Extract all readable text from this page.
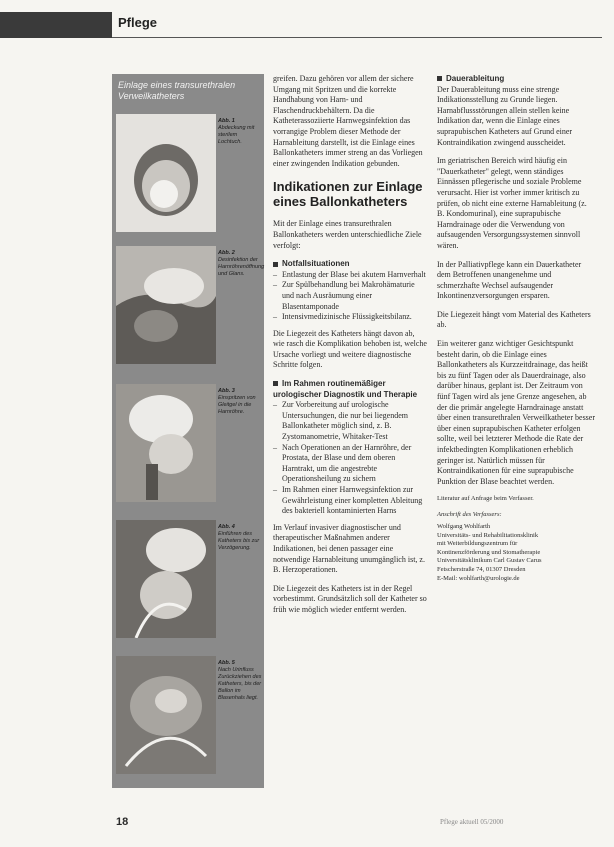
Pflege
Einlage eines transurethralen Verweilkatheters
Abb. 1
Abdeckung mit sterilem Lochtuch.
Abb. 2
Desinfektion der Harnröhrenöffnung und Glans.
Abb. 3
Einspritzen von Gleitgel in die Harnröhre.
Abb. 4
Einführen des Katheters bis zur Verzögerung.
Abb. 5
Nach Urinfluss Zurückziehen des Katheters, bis der Ballon im Blasenhals liegt.

greifen. Dazu gehören vor allem der sichere Umgang mit Spritzen und die korrekte Handhabung von Harn- und Flaschendruckbehältern. Da die Katheterassoziierte Harnwegsinfektion das vorrangige Problem dieser Methode der Harnableitung darstellt, ist die Einlage eines Ballonkatheters immer streng an das Vorliegen einer zwingenden Indikation gebunden.

Indikationen zur Einlage eines Ballonkatheters

Mit der Einlage eines transurethralen Ballonkatheters werden unterschiedliche Ziele verfolgt:

Notfallsituationen

– Entlastung der Blase bei akutem Harnverhalt
– Zur Spülbehandlung bei Makrohämaturie und nach Ausräumung einer Blasentamponade
– Intensivmedizinische Flüssigkeitsbilanz.

Die Liegezeit des Katheters hängt davon ab, wie rasch die Komplikation behoben ist, welche Ursache vorliegt und weitere diagnostische Schritte folgen.

Im Rahmen routinemäßiger urologischer Diagnostik und Therapie

– Zur Vorbereitung auf urologische Untersuchungen, die nur bei liegendem Ballonkatheter möglich sind, z. B. Zystomanometrie, Whitaker-Test
– Nach Operationen an der Harnröhre, der Prostata, der Blase und dem oberen Harntrakt, um die angestrebte Operationsheilung zu sichern
– Im Rahmen einer Harnwegsinfektion zur Gewährleistung einer kompletten Ableitung des bakteriell kontaminierten Harns

Im Verlauf invasiver diagnostischer und therapeutischer Maßnahmen anderer Indikationen, bei denen passager eine notwendige Harnableitung unumgänglich ist, z. B. Herzoperationen.

Die Liegezeit des Katheters ist in der Regel vorbestimmt. Grundsätzlich soll der Katheter so früh wie möglich wieder entfernt werden.

Dauerableitung

Der Dauerableitung muss eine strenge Indikationsstellung zu Grunde liegen. Harnabflussstörungen allein stellen keine Indikation dar, wenn die Einlage eines suprapubischen Katheters auf Grund einer Kontraindikation zwingend ausscheidet.

Im geriatrischen Bereich wird häufig ein "Dauerkatheter" gelegt, wenn ständiges Einnässen pflegerische und soziale Probleme verursacht. Hier ist vorher immer kritisch zu prüfen, ob nicht eine externe Harnableitung (z. B. Kondomurinal), eine suprapubische Harndrainage oder die Verwendung von aufsaugenden Versorgungssystemen sinnvoll wären.

In der Palliativpflege kann ein Dauerkatheter dem Betroffenen unangenehme und schmerzhafte Wechsel aufsaugender Inkontinenzversorgungen ersparen.

Die Liegezeit hängt vom Material des Katheters ab.

Ein weiterer ganz wichtiger Gesichtspunkt besteht darin, ob die Einlage eines Ballonkatheters als Kurzzeitdrainage, das heißt bis zu fünf Tagen oder als Dauerdrainage, also darüber hinaus, geplant ist. Der Zeitraum von fünf Tagen wird als jene Grenze angesehen, ab der die primär angelegte Harndrainage anstatt über einen transurethralen Verweilkatheter besser über einen suprapubischen Katheter erfolgen sollte, weil bei letzterer Methode die Rate der infektbedingten Komplikationen erheblich geringer ist. Natürlich müssen für Kontraindikationen für eine suprapubische Punktion der Blase beachtet werden.

Literatur auf Anfrage beim Verfasser.

Anschrift des Verfassers:
Wolfgang Wohlfarth
Universitäts- und Rehabilitationsklinik
mit Weiterbildungszentrum für
Kontinenzförderung und Stomatherapie
Universitätsklinikum Carl Gustav Carus
Fetscherstraße 74, 01307 Dresden
E-Mail: wohlfarth@urologie.de
18	Pflege aktuell 05/2000
